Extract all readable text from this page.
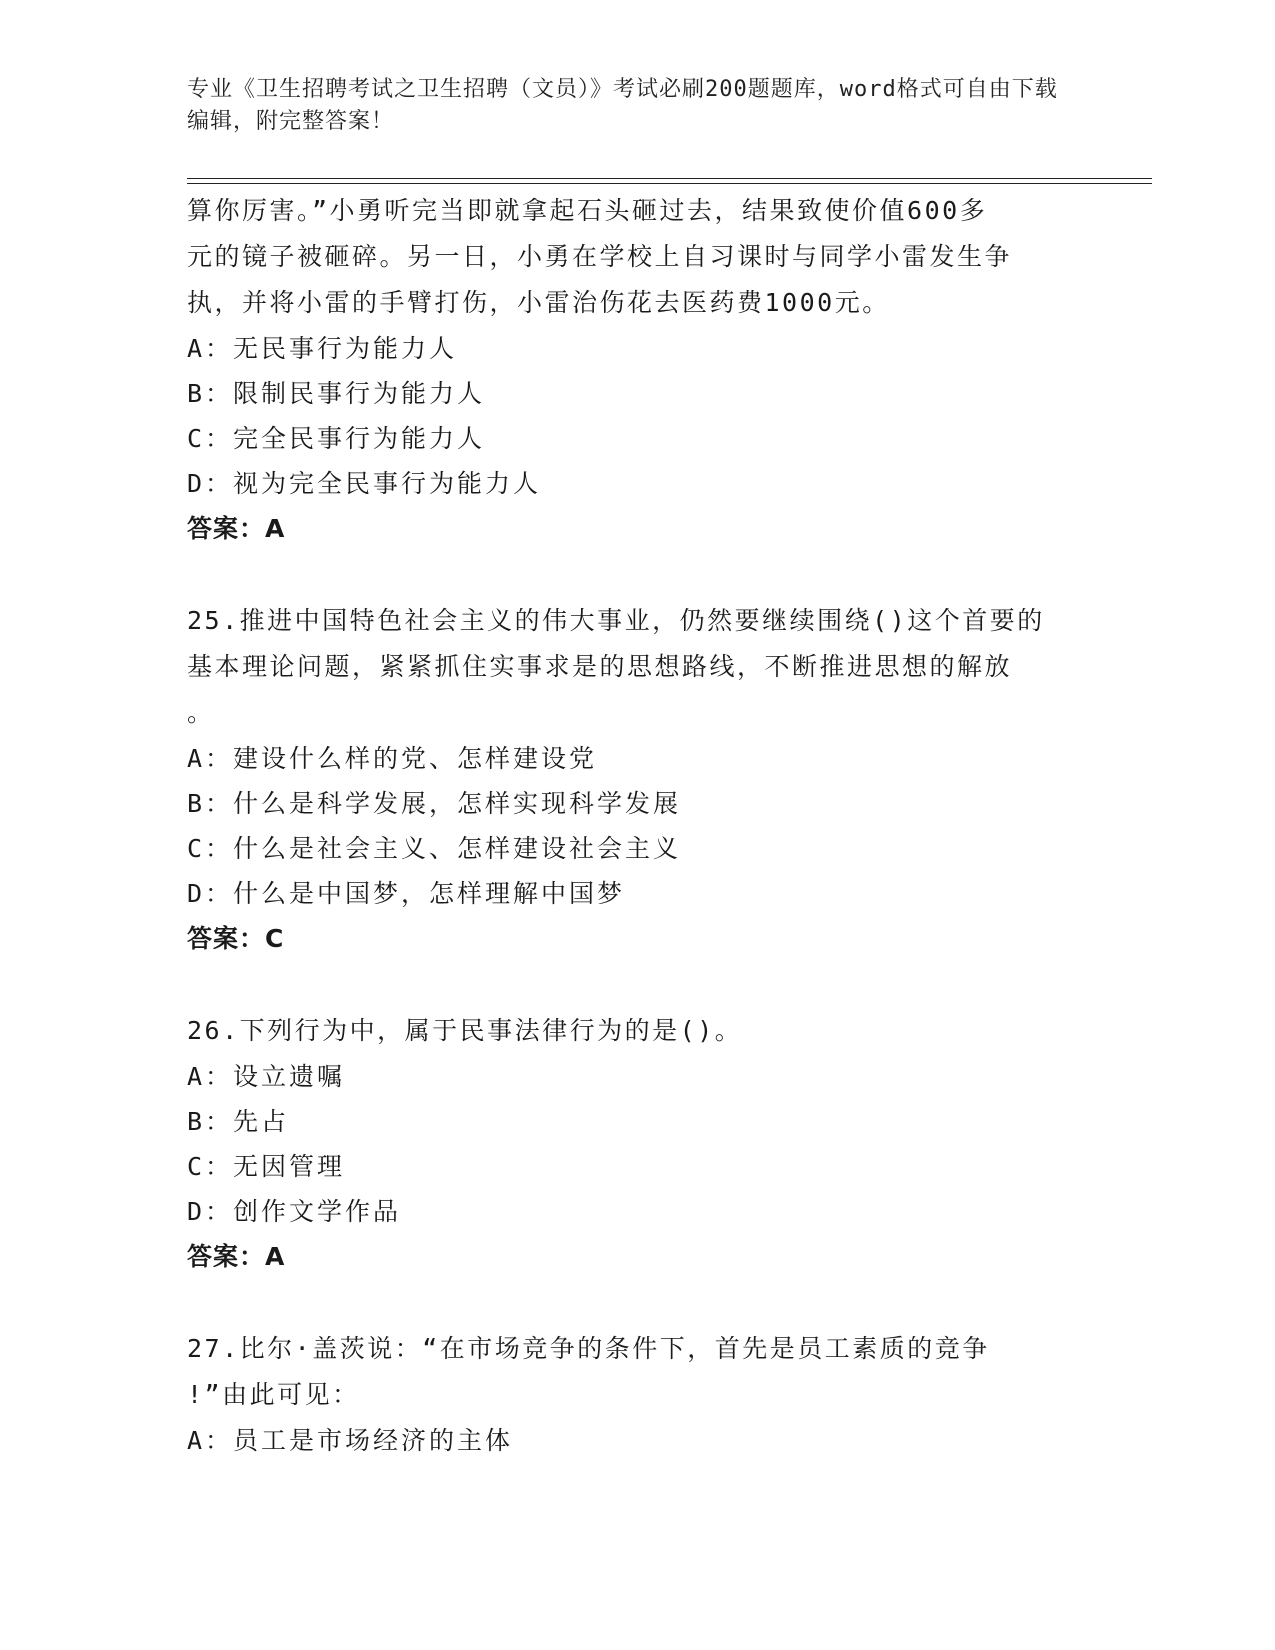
专业《卫生招聘考试之卫生招聘（文员）》考试必刷200题题库，word格式可自由下载编辑，附完整答案！

算你厉害。”小勇听完当即就拿起石头砸过去，结果致使价值600多

元的镜子被砸碎。另一日，小勇在学校上自习课时与同学小雷发生争

执，并将小雷的手臂打伤，小雷治伤花去医药费1000元。

A：无民事行为能力人

B：限制民事行为能力人

C：完全民事行为能力人

D：视为完全民事行为能力人

答案：A

25.推进中国特色社会主义的伟大事业，仍然要继续围绕()这个首要的

基本理论问题，紧紧抓住实事求是的思想路线，不断推进思想的解放

。

A：建设什么样的党、怎样建设党

B：什么是科学发展，怎样实现科学发展

C：什么是社会主义、怎样建设社会主义

D：什么是中国梦，怎样理解中国梦

答案：C

26.下列行为中，属于民事法律行为的是()。

A：设立遗嘱

B：先占

C：无因管理

D：创作文学作品

答案：A

27.比尔·盖茨说：“在市场竞争的条件下，首先是员工素质的竞争

!”由此可见：

A：员工是市场经济的主体
